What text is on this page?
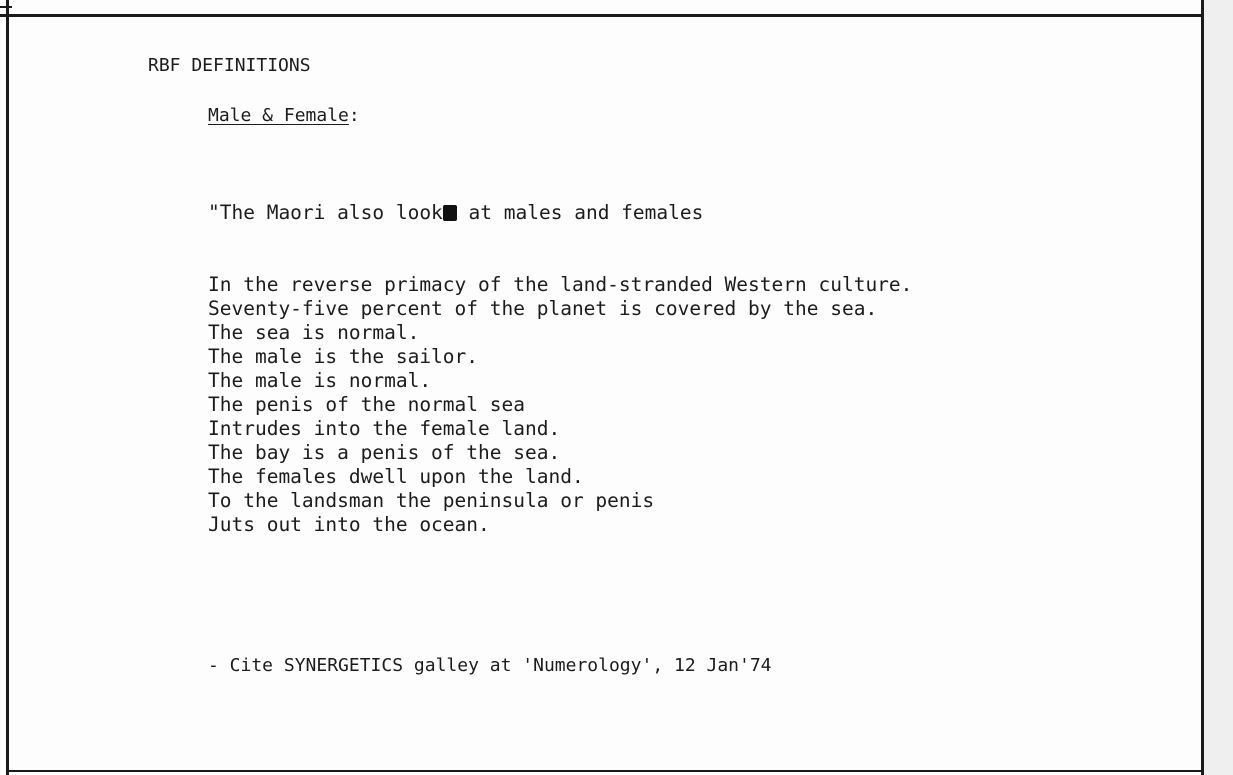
RBF DEFINITIONS
Male & Female:

"The Maori also look at males and females

In the reverse primacy of the land-stranded Western culture.
Seventy-five percent of the planet is covered by the sea.
The sea is normal.
The male is the sailor.
The male is normal.
The penis of the normal sea
Intrudes into the female land.
The bay is a penis of the sea.
The females dwell upon the land.
To the landsman the peninsula or penis
Juts out into the ocean.
- Cite SYNERGETICS galley at 'Numerology', 12 Jan'74
